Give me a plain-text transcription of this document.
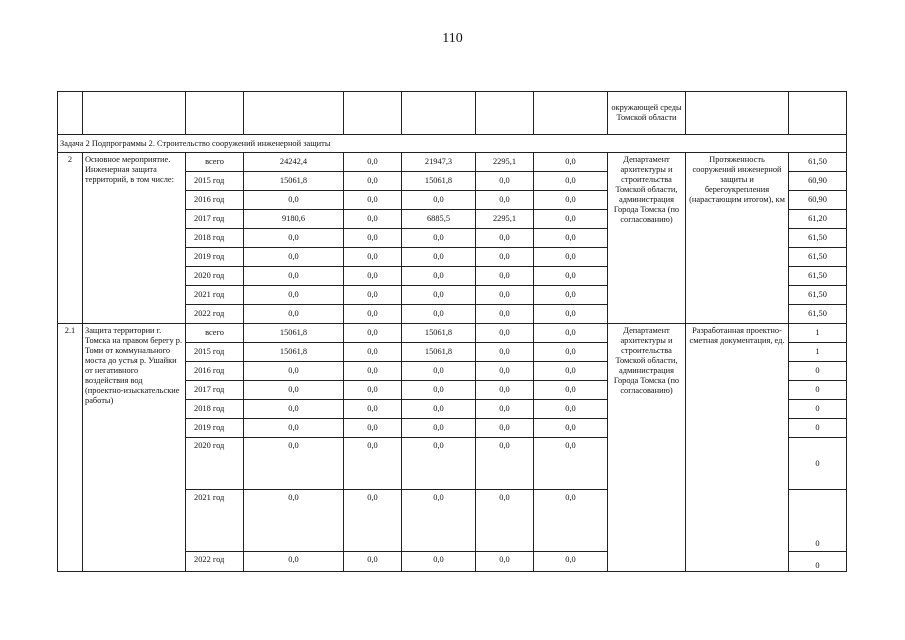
110
								окружающей среды Томской области		
Задача 2 Подпрограммы 2. Строительство сооружений инженерной защиты										
2	Основное мероприятие. Инженерная защита территорий, в том числе:	всего	24242,4	0,0	21947,3	2295,1	0,0	Департамент архитектуры и строительства Томской области, администрация Города Томска (по согласованию)	Протяженность сооружений инженерной защиты и берегоукрепления (нарастающим итогом), км	61,50
		2015 год	15061,8	0,0	15061,8	0,0	0,0			60,90
		2016 год	0,0	0,0	0,0	0,0	0,0			60,90
		2017 год	9180,6	0,0	6885,5	2295,1	0,0			61,20
		2018 год	0,0	0,0	0,0	0,0	0,0			61,50
		2019 год	0,0	0,0	0,0	0,0	0,0			61,50
		2020 год	0,0	0,0	0,0	0,0	0,0			61,50
		2021 год	0,0	0,0	0,0	0,0	0,0			61,50
		2022 год	0,0	0,0	0,0	0,0	0,0			61,50
2.1	Защита территории г. Томска на правом берегу р. Томи от коммунального моста до устья р. Ушайки от негативного воздействия вод (проектно-изыскательские работы)	всего	15061,8	0,0	15061,8	0,0	0,0	Департамент архитектуры и строительства Томской области, администрация Города Томска (по согласованию)	Разработанная проектно-сметная документация, ед.	1
		2015 год	15061,8	0,0	15061,8	0,0	0,0			1
		2016 год	0,0	0,0	0,0	0,0	0,0			0
		2017 год	0,0	0,0	0,0	0,0	0,0			0
		2018 год	0,0	0,0	0,0	0,0	0,0			0
		2019 год	0,0	0,0	0,0	0,0	0,0			0
		2020 год	0,0	0,0	0,0	0,0	0,0			0
		2021 год	0,0	0,0	0,0	0,0	0,0			0
		2022 год	0,0	0,0	0,0	0,0	0,0			0
